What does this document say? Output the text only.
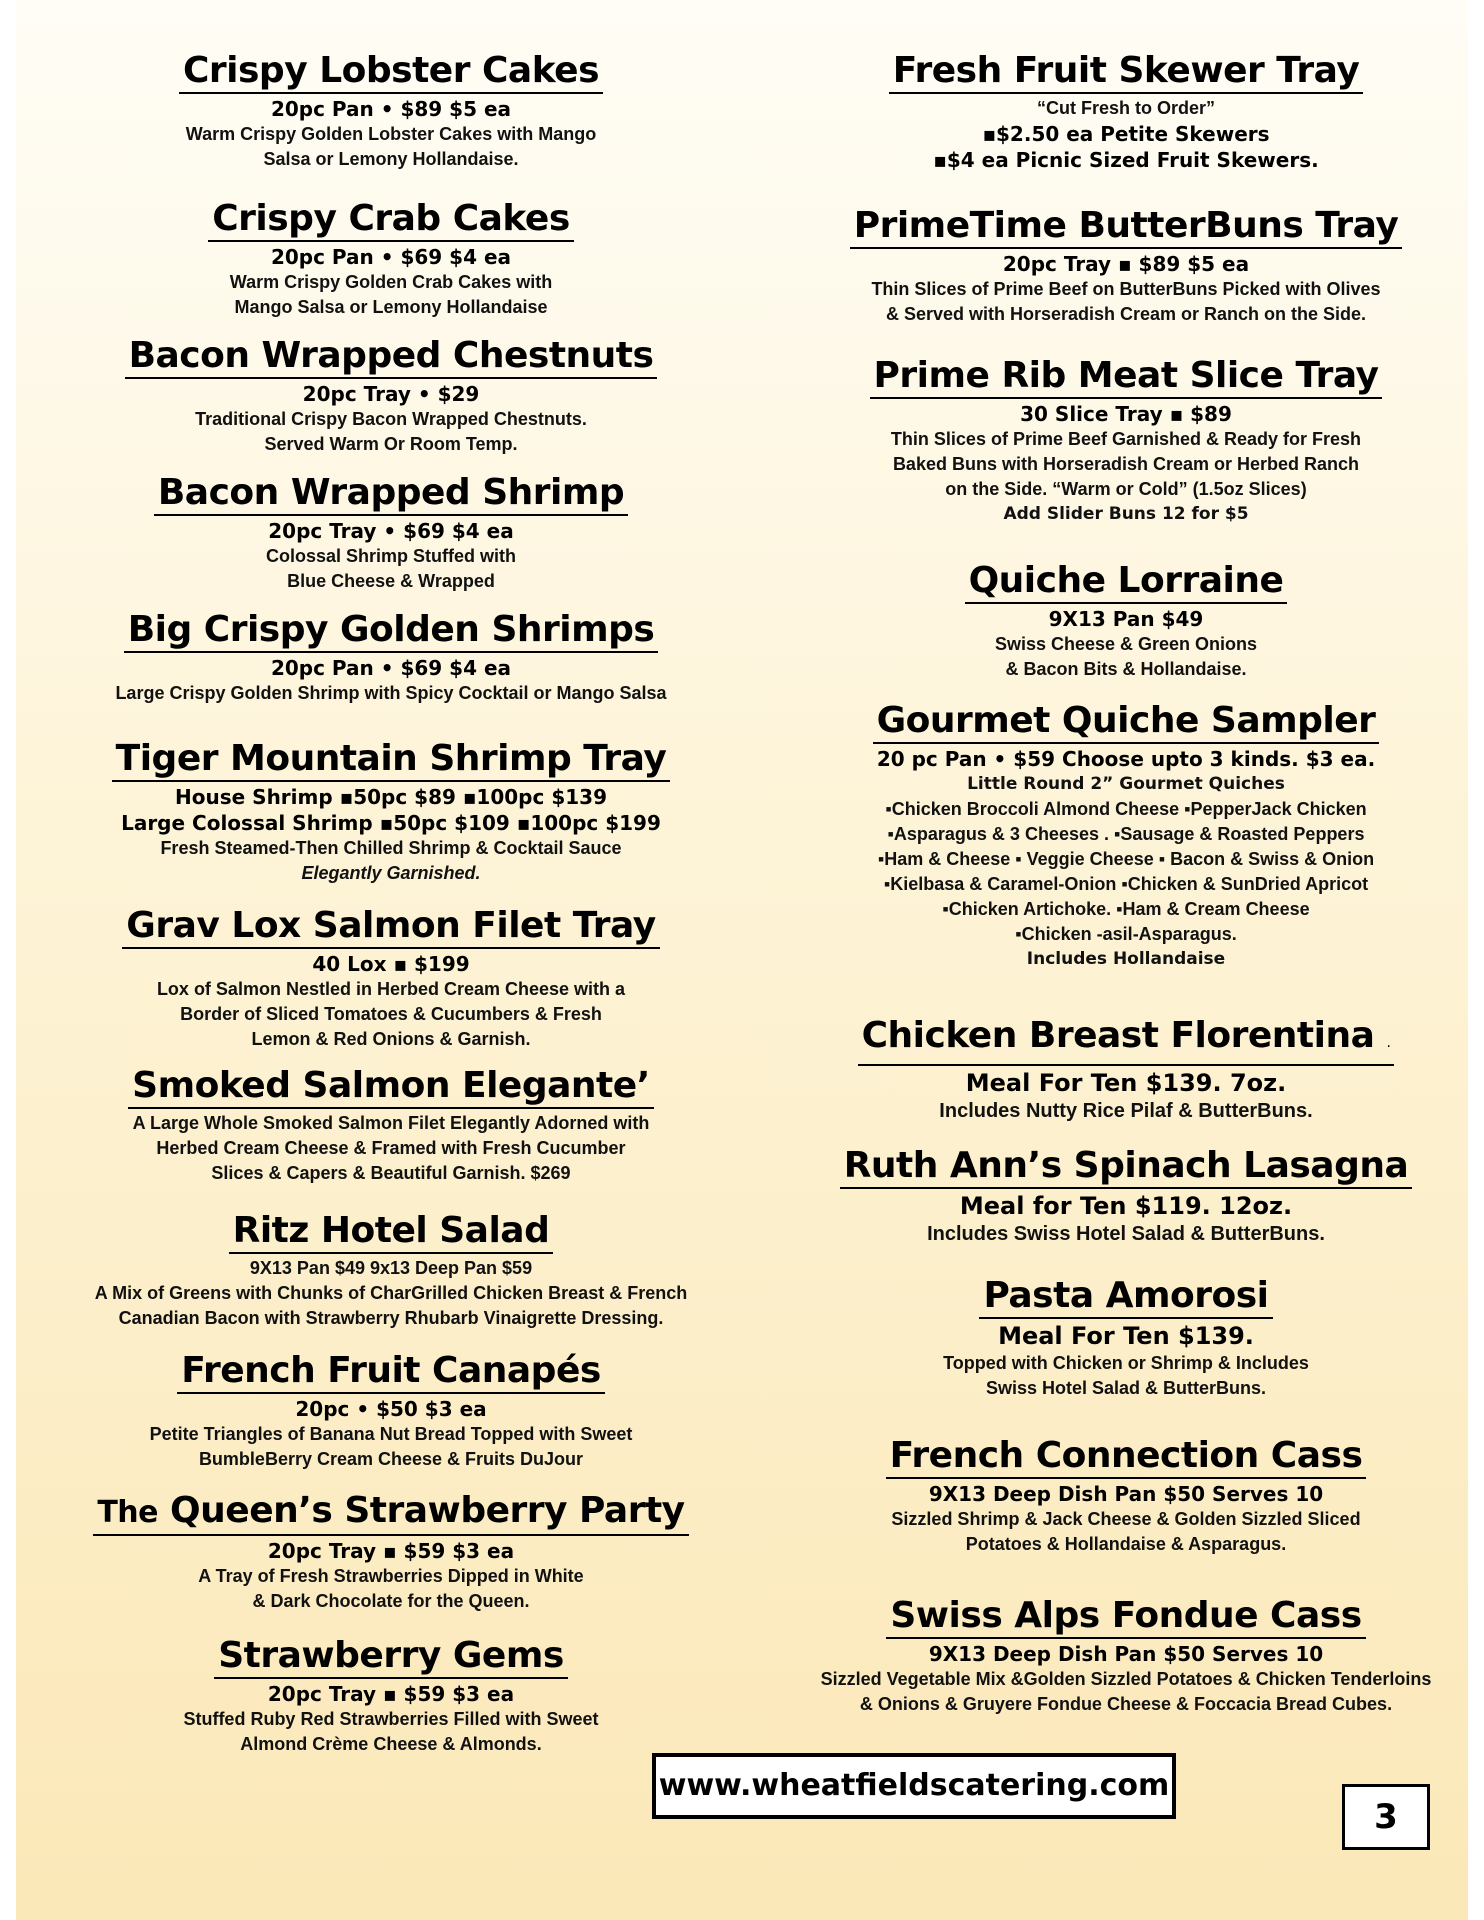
Crispy Lobster Cakes
20pc Pan • $89 $5 ea
Warm Crispy Golden Lobster Cakes with Mango
Salsa or Lemony Hollandaise.
Crispy Crab Cakes
20pc Pan • $69 $4 ea
Warm Crispy Golden Crab Cakes with
Mango Salsa or Lemony Hollandaise
Bacon Wrapped Chestnuts
20pc Tray • $29
Traditional Crispy Bacon Wrapped Chestnuts.
Served Warm Or Room Temp.
Bacon Wrapped Shrimp
20pc Tray • $69 $4 ea
Colossal Shrimp Stuffed with
Blue Cheese & Wrapped
Big Crispy Golden Shrimps
20pc Pan • $69 $4 ea
Large Crispy Golden Shrimp with Spicy Cocktail or Mango Salsa
Tiger Mountain Shrimp Tray
House Shrimp ▪50pc $89 ▪100pc $139
Large Colossal Shrimp ▪50pc $109 ▪100pc $199
Fresh Steamed-Then Chilled Shrimp & Cocktail Sauce
Elegantly Garnished.
Grav Lox Salmon Filet Tray
40 Lox ▪ $199
Lox of Salmon Nestled in Herbed Cream Cheese with a
Border of Sliced Tomatoes & Cucumbers & Fresh
Lemon & Red Onions & Garnish.
Smoked Salmon Elegante’
A Large Whole Smoked Salmon Filet Elegantly Adorned with
Herbed Cream Cheese & Framed with Fresh Cucumber
Slices & Capers & Beautiful Garnish. $269
Ritz Hotel Salad
9X13 Pan $49 9x13 Deep Pan $59
A Mix of Greens with Chunks of CharGrilled Chicken Breast & French
Canadian Bacon with Strawberry Rhubarb Vinaigrette Dressing.
French Fruit Canapés
20pc • $50 $3 ea
Petite Triangles of Banana Nut Bread Topped with Sweet
BumbleBerry Cream Cheese & Fruits DuJour
The Queen’s Strawberry Party
20pc Tray ▪ $59 $3 ea
A Tray of Fresh Strawberries Dipped in White
& Dark Chocolate for the Queen.
Strawberry Gems
20pc Tray ▪ $59 $3 ea
Stuffed Ruby Red Strawberries Filled with Sweet
Almond Crème Cheese & Almonds.
Fresh Fruit Skewer Tray
“Cut Fresh to Order”
▪$2.50 ea Petite Skewers
▪$4 ea Picnic Sized Fruit Skewers.
PrimeTime ButterBuns Tray
20pc Tray ▪ $89 $5 ea
Thin Slices of Prime Beef on ButterBuns Picked with Olives
& Served with Horseradish Cream or Ranch on the Side.
Prime Rib Meat Slice Tray
30 Slice Tray ▪ $89
Thin Slices of Prime Beef Garnished & Ready for Fresh
Baked Buns with Horseradish Cream or Herbed Ranch
on the Side. “Warm or Cold” (1.5oz Slices)
Add Slider Buns 12 for $5
Quiche Lorraine
9X13 Pan $49
Swiss Cheese & Green Onions
& Bacon Bits & Hollandaise.
Gourmet Quiche Sampler
20 pc Pan • $59 Choose upto 3 kinds. $3 ea.
Little Round 2” Gourmet Quiches
▪Chicken Broccoli Almond Cheese ▪PepperJack Chicken
▪Asparagus & 3 Cheeses . ▪Sausage & Roasted Peppers
▪Ham & Cheese ▪ Veggie Cheese ▪ Bacon & Swiss & Onion
▪Kielbasa & Caramel-Onion ▪Chicken & SunDried Apricot
▪Chicken Artichoke. ▪Ham & Cream Cheese
▪Chicken -asil-Asparagus.
Includes Hollandaise
Chicken Breast Florentina .
Meal For Ten $139. 7oz.
Includes Nutty Rice Pilaf & ButterBuns.
Ruth Ann’s Spinach Lasagna
Meal for Ten $119. 12oz.
Includes Swiss Hotel Salad & ButterBuns.
Pasta Amorosi
Meal For Ten $139.
Topped with Chicken or Shrimp & Includes
Swiss Hotel Salad & ButterBuns.
French Connection Cass
9X13 Deep Dish Pan $50 Serves 10
Sizzled Shrimp & Jack Cheese & Golden Sizzled Sliced
Potatoes & Hollandaise & Asparagus.
Swiss Alps Fondue Cass
9X13 Deep Dish Pan $50 Serves 10
Sizzled Vegetable Mix &Golden Sizzled Potatoes & Chicken Tenderloins
& Onions & Gruyere Fondue Cheese & Foccacia Bread Cubes.
www.wheatfieldscatering.com
3
